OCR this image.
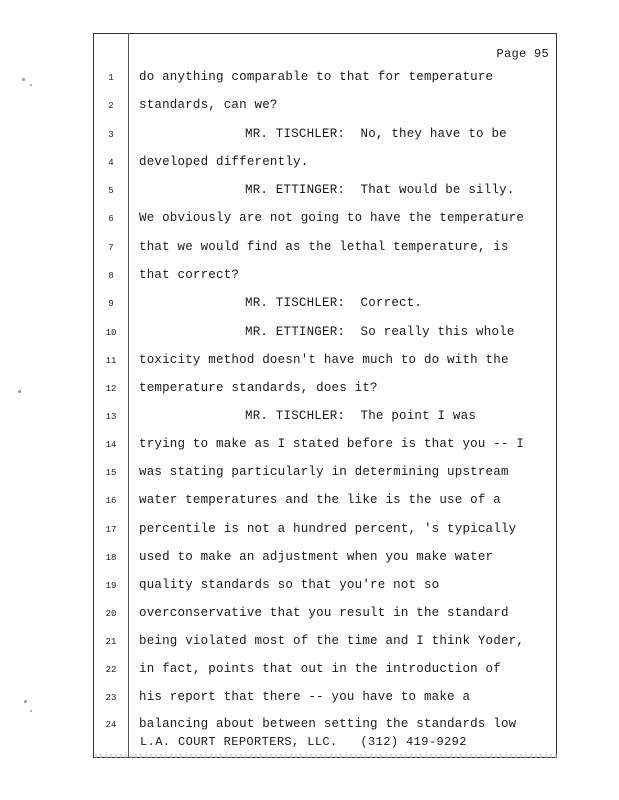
Page 95
1	do anything comparable to that for temperature
2	standards, can we?
3	MR. TISCHLER:  No, they have to be
4	developed differently.
5	MR. ETTINGER:  That would be silly.
6	We obviously are not going to have the temperature
7	that we would find as the lethal temperature, is
8	that correct?
9	MR. TISCHLER:  Correct.
10	MR. ETTINGER:  So really this whole
11	toxicity method doesn't have much to do with the
12	temperature standards, does it?
13	MR. TISCHLER:  The point I was
14	trying to make as I stated before is that you -- I
15	was stating particularly in determining upstream
16	water temperatures and the like is the use of a
17	percentile is not a hundred percent, 's typically
18	used to make an adjustment when you make water
19	quality standards so that you're not so
20	overconservative that you result in the standard
21	being violated most of the time and I think Yoder,
22	in fact, points that out in the introduction of
23	his report that there -- you have to make a
24	balancing about between setting the standards low
L.A. COURT REPORTERS, LLC.   (312) 419-9292
